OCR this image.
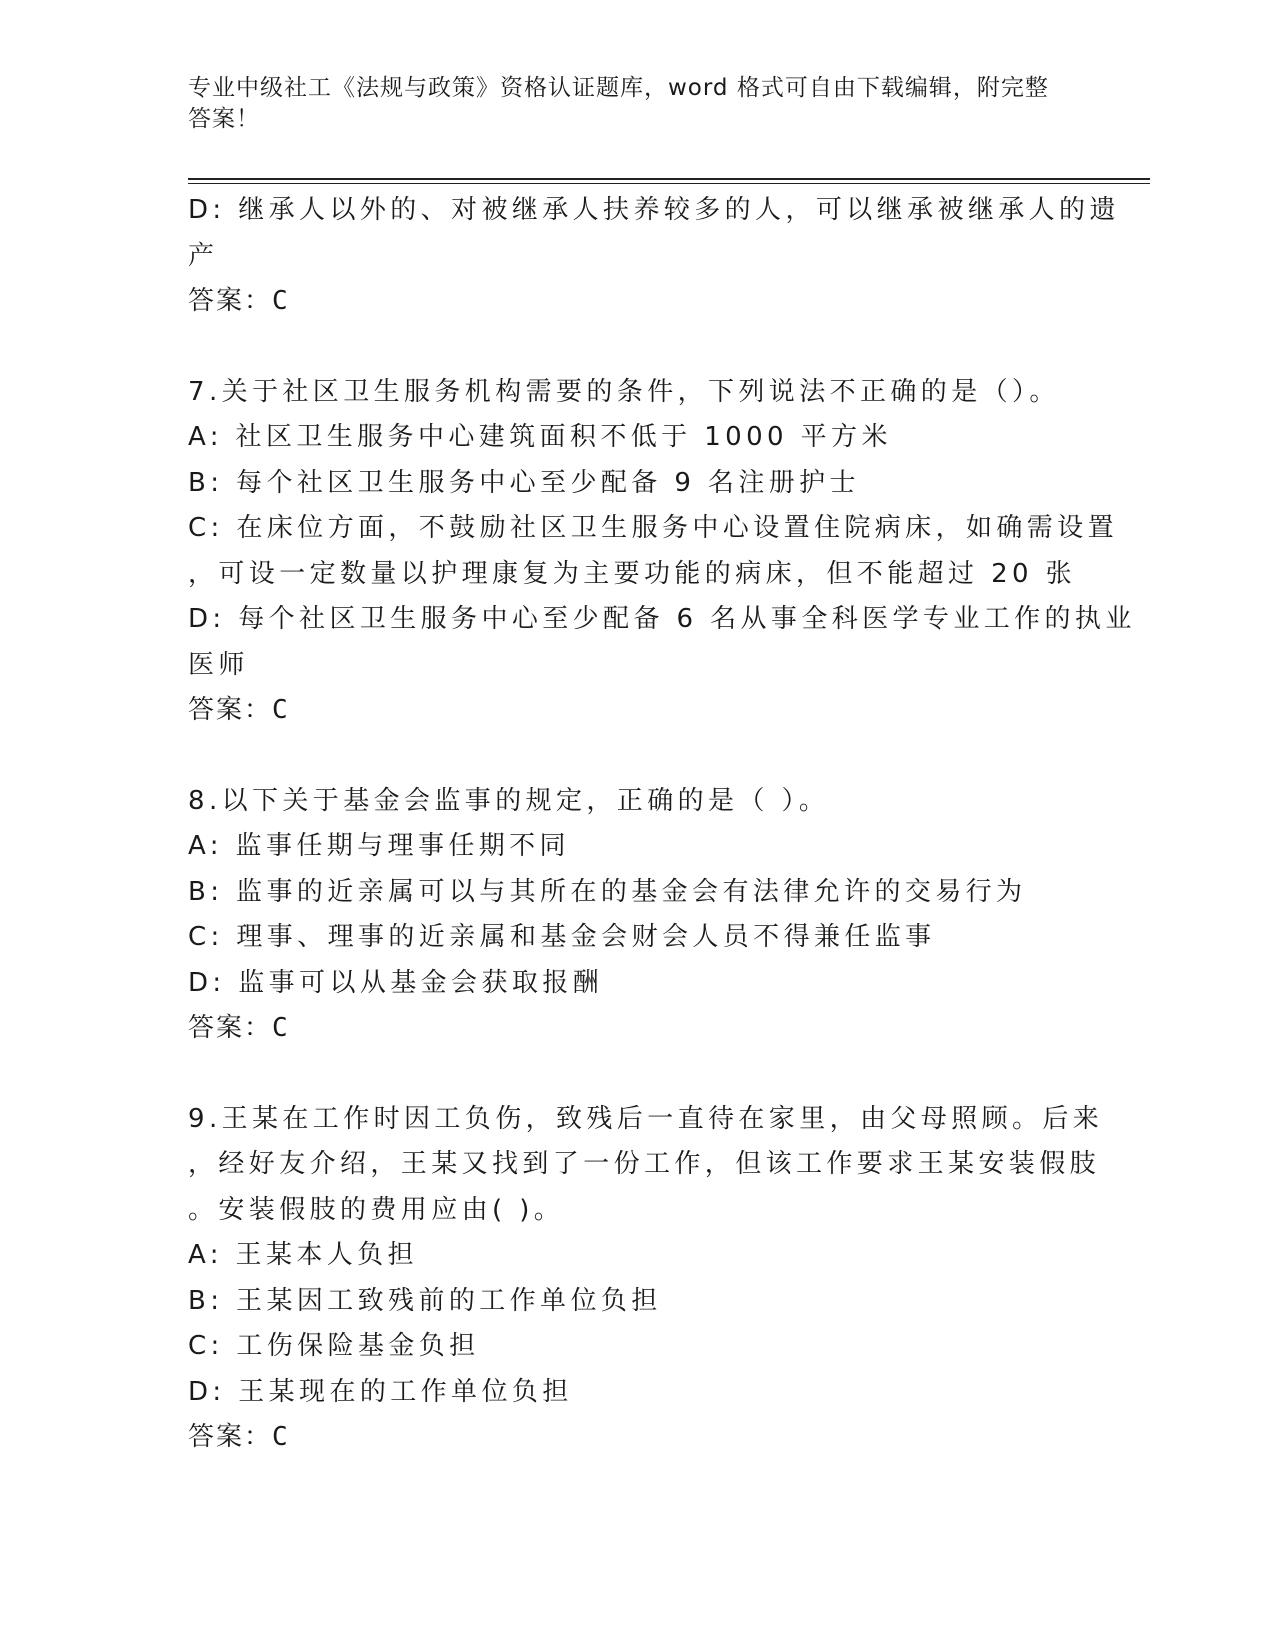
专业中级社工《法规与政策》资格认证题库，word 格式可自由下载编辑，附完整
答案！
D: 继承人以外的、对被继承人扶养较多的人，可以继承被继承人的遗
产
答案：C
7.关于社区卫生服务机构需要的条件，下列说法不正确的是（）。
A: 社区卫生服务中心建筑面积不低于 1000 平方米
B: 每个社区卫生服务中心至少配备 9 名注册护士
C: 在床位方面，不鼓励社区卫生服务中心设置住院病床，如确需设置
，可设一定数量以护理康复为主要功能的病床，但不能超过 20 张
D: 每个社区卫生服务中心至少配备 6 名从事全科医学专业工作的执业
医师
答案：C
8.以下关于基金会监事的规定，正确的是（ ）。
A: 监事任期与理事任期不同
B: 监事的近亲属可以与其所在的基金会有法律允许的交易行为
C: 理事、理事的近亲属和基金会财会人员不得兼任监事
D: 监事可以从基金会获取报酬
答案：C
9.王某在工作时因工负伤，致残后一直待在家里，由父母照顾。后来
，经好友介绍，王某又找到了一份工作，但该工作要求王某安装假肢
。安装假肢的费用应由( )。
A: 王某本人负担
B: 王某因工致残前的工作单位负担
C: 工伤保险基金负担
D: 王某现在的工作单位负担
答案：C
